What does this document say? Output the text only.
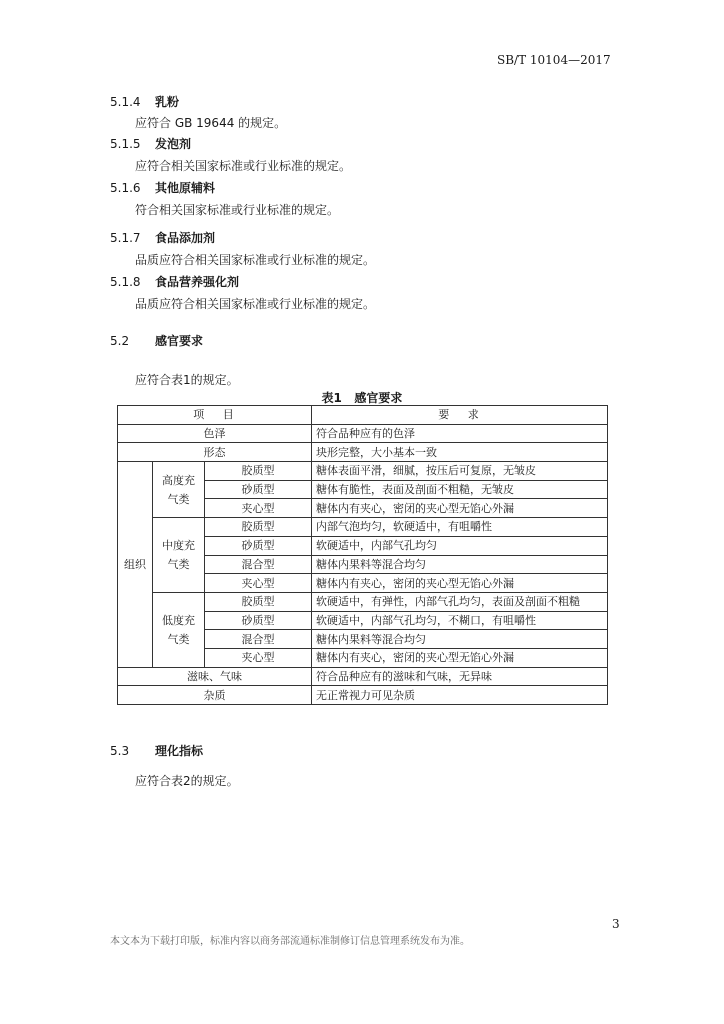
SB/T 10104—2017
5.1.4 乳粉
应符合 GB 19644 的规定。
5.1.5 发泡剂
应符合相关国家标准或行业标准的规定。
5.1.6 其他原辅料
符合相关国家标准或行业标准的规定。
5.1.7 食品添加剂
品质应符合相关国家标准或行业标准的规定。
5.1.8 食品营养强化剂
品质应符合相关国家标准或行业标准的规定。
5.2 感官要求
应符合表1的规定。
表1   感官要求
项   目			要   求
色泽			符合品种应有的色泽
形态			块形完整，大小基本一致
组织	高度充气类	胶质型	糖体表面平滑，细腻，按压后可复原，无皱皮
		砂质型	糖体有脆性，表面及剖面不粗糙，无皱皮
		夹心型	糖体内有夹心，密闭的夹心型无馅心外漏
	中度充气类	胶质型	内部气泡均匀，软硬适中，有咀嚼性
		砂质型	软硬适中，内部气孔均匀
		混合型	糖体内果料等混合均匀
		夹心型	糖体内有夹心，密闭的夹心型无馅心外漏
	低度充气类	胶质型	软硬适中，有弹性，内部气孔均匀，表面及剖面不粗糙
		砂质型	软硬适中，内部气孔均匀，不糊口，有咀嚼性
		混合型	糖体内果料等混合均匀
		夹心型	糖体内有夹心，密闭的夹心型无馅心外漏
滋味、气味			符合品种应有的滋味和气味，无异味
杂质			无正常视力可见杂质
5.3 理化指标
应符合表2的规定。
3
本文本为下载打印版，标准内容以商务部流通标准制修订信息管理系统发布为准。
